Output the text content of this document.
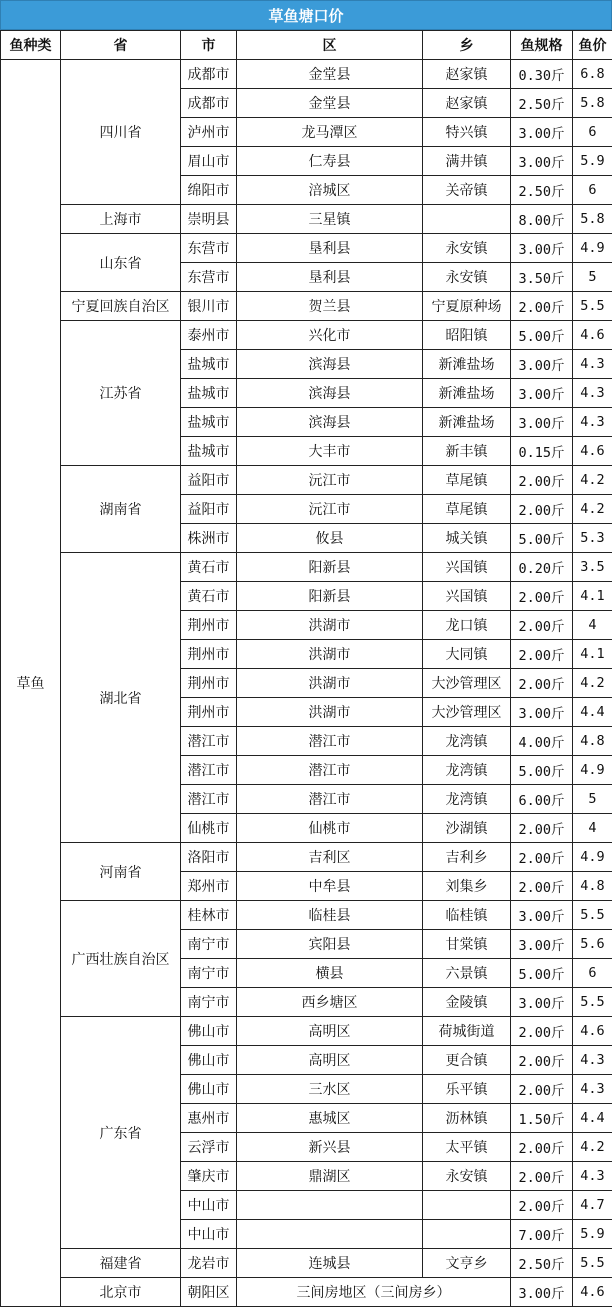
草鱼塘口价
鱼种类	省	市	区	乡	鱼规格	鱼价
草鱼	四川省	成都市	金堂县	赵家镇	0.30斤	6.8
		成都市	金堂县	赵家镇	2.50斤	5.8
		泸州市	龙马潭区	特兴镇	3.00斤	6
		眉山市	仁寿县	满井镇	3.00斤	5.9
		绵阳市	涪城区	关帝镇	2.50斤	6
	上海市	崇明县	三星镇		8.00斤	5.8
	山东省	东营市	垦利县	永安镇	3.00斤	4.9
		东营市	垦利县	永安镇	3.50斤	5
	宁夏回族自治区	银川市	贺兰县	宁夏原种场	2.00斤	5.5
	江苏省	泰州市	兴化市	昭阳镇	5.00斤	4.6
		盐城市	滨海县	新滩盐场	3.00斤	4.3
		盐城市	滨海县	新滩盐场	3.00斤	4.3
		盐城市	滨海县	新滩盐场	3.00斤	4.3
		盐城市	大丰市	新丰镇	0.15斤	4.6
	湖南省	益阳市	沅江市	草尾镇	2.00斤	4.2
		益阳市	沅江市	草尾镇	2.00斤	4.2
		株洲市	攸县	城关镇	5.00斤	5.3
	湖北省	黄石市	阳新县	兴国镇	0.20斤	3.5
		黄石市	阳新县	兴国镇	2.00斤	4.1
		荆州市	洪湖市	龙口镇	2.00斤	4
		荆州市	洪湖市	大同镇	2.00斤	4.1
		荆州市	洪湖市	大沙管理区	2.00斤	4.2
		荆州市	洪湖市	大沙管理区	3.00斤	4.4
		潜江市	潜江市	龙湾镇	4.00斤	4.8
		潜江市	潜江市	龙湾镇	5.00斤	4.9
		潜江市	潜江市	龙湾镇	6.00斤	5
		仙桃市	仙桃市	沙湖镇	2.00斤	4
	河南省	洛阳市	吉利区	吉利乡	2.00斤	4.9
		郑州市	中牟县	刘集乡	2.00斤	4.8
	广西壮族自治区	桂林市	临桂县	临桂镇	3.00斤	5.5
		南宁市	宾阳县	甘棠镇	3.00斤	5.6
		南宁市	横县	六景镇	5.00斤	6
		南宁市	西乡塘区	金陵镇	3.00斤	5.5
	广东省	佛山市	高明区	荷城街道	2.00斤	4.6
		佛山市	高明区	更合镇	2.00斤	4.3
		佛山市	三水区	乐平镇	2.00斤	4.3
		惠州市	惠城区	沥林镇	1.50斤	4.4
		云浮市	新兴县	太平镇	2.00斤	4.2
		肇庆市	鼎湖区	永安镇	2.00斤	4.3
		中山市			2.00斤	4.7
		中山市			7.00斤	5.9
	福建省	龙岩市	连城县	文亨乡	2.50斤	5.5
	北京市	朝阳区	三间房地区（三间房乡）		3.00斤	4.6
